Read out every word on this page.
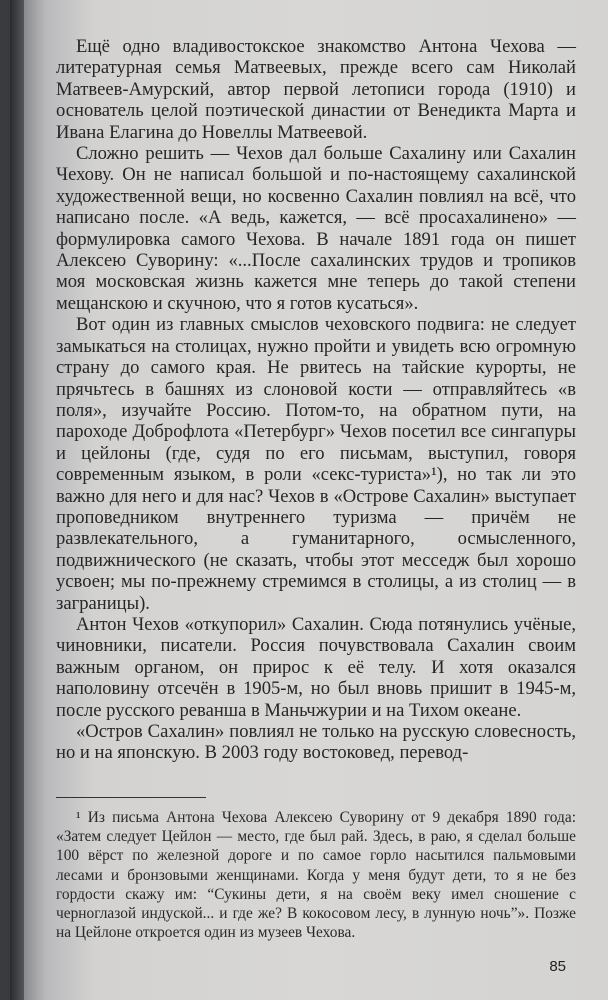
Ещё одно владивостокское знакомство Антона Чехова — литературная семья Матвеевых, прежде всего сам Николай Матвеев-Амурский, автор первой летописи города (1910) и основатель целой поэтической династии от Венедикта Марта и Ивана Елагина до Новеллы Матвеевой.

Сложно решить — Чехов дал больше Сахалину или Сахалин Чехову. Он не написал большой и по-настоящему сахалинской художественной вещи, но косвенно Сахалин повлиял на всё, что написано после. «А ведь, кажется, — всё просахалинено» — формулировка самого Чехова. В начале 1891 года он пишет Алексею Суворину: «...После сахалинских трудов и тропиков моя московская жизнь кажется мне теперь до такой степени мещанскою и скучною, что я готов кусаться».

Вот один из главных смыслов чеховского подвига: не следует замыкаться на столицах, нужно пройти и увидеть всю огромную страну до самого края. Не рвитесь на тайские курорты, не прячьтесь в башнях из слоновой кости — отправляйтесь «в поля», изучайте Россию. Потом-то, на обратном пути, на пароходе Доброфлота «Петербург» Чехов посетил все сингапуры и цейлоны (где, судя по его письмам, выступил, говоря современным языком, в роли «секс-туриста»¹), но так ли это важно для него и для нас? Чехов в «Острове Сахалин» выступает проповедником внутреннего туризма — причём не развлекательного, а гуманитарного, осмысленного, подвижнического (не сказать, чтобы этот месседж был хорошо усвоен; мы по-прежнему стремимся в столицы, а из столиц — в заграницы).

Антон Чехов «откупорил» Сахалин. Сюда потянулись учёные, чиновники, писатели. Россия почувствовала Сахалин своим важным органом, он прирос к её телу. И хотя оказался наполовину отсечён в 1905-м, но был вновь пришит в 1945-м, после русского реванша в Маньчжурии и на Тихом океане.

«Остров Сахалин» повлиял не только на русскую словесность, но и на японскую. В 2003 году востоковед, перевод-

¹ Из письма Антона Чехова Алексею Суворину от 9 декабря 1890 года: «Затем следует Цейлон — место, где был рай. Здесь, в раю, я сделал больше 100 вёрст по железной дороге и по самое горло насытился пальмовыми лесами и бронзовыми женщинами. Когда у меня будут дети, то я не без гордости скажу им: “Сукины дети, я на своём веку имел сношение с черноглазой индуской... и где же? В кокосовом лесу, в лунную ночь”». Позже на Цейлоне откроется один из музеев Чехова.

85
